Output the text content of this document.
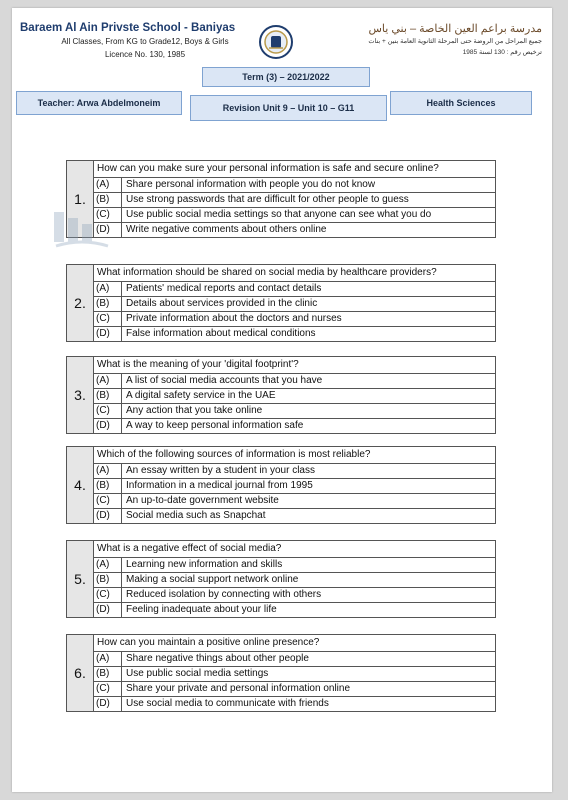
Baraem Al Ain Privste School - Baniyas
All Classes, From KG to Grade12, Boys & Girls
Licence No. 130, 1985
مدرسة براعم العين الخاصة – بني ياس
جميع المراحل من الروضة حتى المرحلة الثانوية العامة بنين + بنات
ترخيص رقم : 130 لسنة 1985
Term (3) – 2021/2022
Teacher: Arwa Abdelmoneim	Revision Unit 9 – Unit 10 – G11	Health Sciences
1.
How can you make sure your personal information is safe and secure online?
(A)	Share personal information with people you do not know
(B)	Use strong passwords that are difficult for other people to guess
(C)	Use public social media settings so that anyone can see what you do
(D)	Write negative comments about others online
2.
What information should be shared on social media by healthcare providers?
(A)	Patients' medical reports and contact details
(B)	Details about services provided in the clinic
(C)	Private information about the doctors and nurses
(D)	False information about medical conditions
3.
What is the meaning of your 'digital footprint'?
(A)	A list of social media accounts that you have
(B)	A digital safety service in the UAE
(C)	Any action that you take online
(D)	A way to keep personal information safe
4.
Which of the following sources of information is most reliable?
(A)	An essay written by a student in your class
(B)	Information in a medical journal from 1995
(C)	An up-to-date government website
(D)	Social media such as Snapchat
5.
What is a negative effect of social media?
(A)	Learning new information and skills
(B)	Making a social support network online
(C)	Reduced isolation by connecting with others
(D)	Feeling inadequate about your life
6.
How can you maintain a positive online presence?
(A)	Share negative things about other people
(B)	Use public social media settings
(C)	Share your private and personal information online
(D)	Use social media to communicate with friends
